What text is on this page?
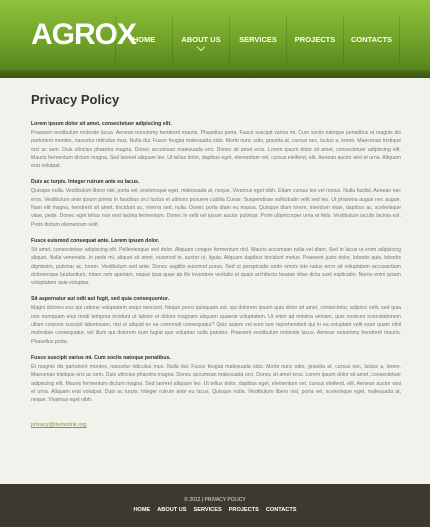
AGROX
HOME	ABOUT US SERVICES PROJECTS CONTACTS
Privacy Policy
Lorem ipsum dolor sit amet, consectetuer adipiscing elit.
Praesent vestibulum molestie lacus. Aenean nonummy hendrerit mauris. Phasellus porta. Fusce suscipit varius mi. Cum sociis natoque penatibus et magnis dis parturient montes, nascetur ridiculus mus. Nulla dui. Fusce feugiat malesuada odio. Morbi nunc odio, gravida at, cursus nec, luctus a, lorem. Maecenas tristique orci ac sem. Duis ultricies pharetra magna. Donec accumsan malesuada orci. Donec sit amet eros. Lorem ipsum dolor sit amet, consectetuer adipiscing elit. Mauris fermentum dictum magna. Sed laoreet aliquam leo. Ut tellus dolor, dapibus eget, elementum vel, cursus eleifend, elit. Aenean auctor wisi et urna. Aliquam erat volutpat.
Duis ac turpis. Integer rutrum ante eu lacus.
Quisque nulla. Vestibulum libero nisl, porta vel, scelerisque eget, malesuada at, neque. Vivamus eget nibh. Etiam cursus leo vel metus. Nulla facilisi. Aenean nec eros. Vestibulum ante ipsum primis in faucibus orci luctus et ultrices posuere cubilia Curae; Suspendisse sollicitudin velit sed leo. Ut pharetra augue nec augue. Nam elit magna, hendrerit sit amet, tincidunt ac, viverra sed, nulla. Donec porta diam eu massa. Quisque diam lorem, interdum vitae, dapibus ac, scelerisque vitae, pede. Donec eget tellus non erat lacinia fermentum. Donec in velit vel ipsum auctor pulvinar. Proin ullamcorper urna et felis. Vestibulum iaculis lacinia est. Proin dictum elementum velit.
Fusce euismod consequat ante. Lorem ipsum dolor.
Sit amet, consectetuer adipiscing elit. Pellentesque sed dolor. Aliquam congue fermentum nisl. Mauris accumsan nulla vel diam. Sed in lacus ut enim adipiscing aliquet. Nulla venenatis. In pede mi, aliquet sit amet, euismod in, auctor ut, ligula. Aliquam dapibus tincidunt metus. Praesent justo dolor, lobortis quis, lobortis dignissim, pulvinar ac, lorem. Vestibulum sed ante. Donec sagittis euismod purus. Sed ut perspiciatis unde omnis iste natus error sit voluptatem accusantium doloremque laudantium, totam rem aperiam, eaque ipsa quae ab illo inventore veritatis et quasi architecto beatae vitae dicta sunt explicabo. Nemo enim ipsam voluptatem quia voluptas.
Sit aspernatur aut odit aut fugit, sed quia consequuntur.
Magni dolores eos qui ratione voluptatem sequi nesciunt. Neque porro quisquam est, qui dolorem ipsum quia dolor sit amet, consectetur, adipisci velit, sed quia non numquam eius modi tempora incidunt ut labore et dolore magnam aliquam quaerat voluptatem. Ut enim ad minima veniam, quis nostrum exercitationem ullam corporis suscipit laboriosam, nisi ut aliquid ex ea commodi consequatur? Quis autem vel eum iure reprehenderit qui in ea voluptate velit esse quam nihil molestiae consequatur, vel illum qui dolorem eum fugiat quo voluptas nulla pariatur. Praesent vestibulum molestie lacus. Aenean nonummy hendrerit mauris. Phasellus porta.
Fusce suscipit varius mi. Cum sociis natoque penatibus.
Et magnis dis parturient montes, nascetur ridiculus mus. Nulla dui. Fusce feugiat malesuada odio. Morbi nunc odio, gravida at, cursus nec, luctus a, lorem. Maecenas tristique orci ac sem. Duis ultricies pharetra magna. Donec accumsan malesuada orci. Donec sit amet eros. Lorem ipsum dolor sit amet, consectetuer adipiscing elit. Mauris fermentum dictum magna. Sed laoreet aliquam leo. Ut tellus dolor, dapibus eget, elementum vel, cursus eleifend, elit. Aenean auctor wisi et urna. Aliquam erat volutpat. Duis ac turpis. Integer rutrum ante eu lacus. Quisque nulla. Vestibulum libero nisl, porta vel, scelerisque eget, malesuada at, neque. Vivamus eget nibh.
privacy@demolink.org
© 2012 | PRIVACY POLICY
HOME ABOUT US SERVICES PROJECTS CONTACTS
